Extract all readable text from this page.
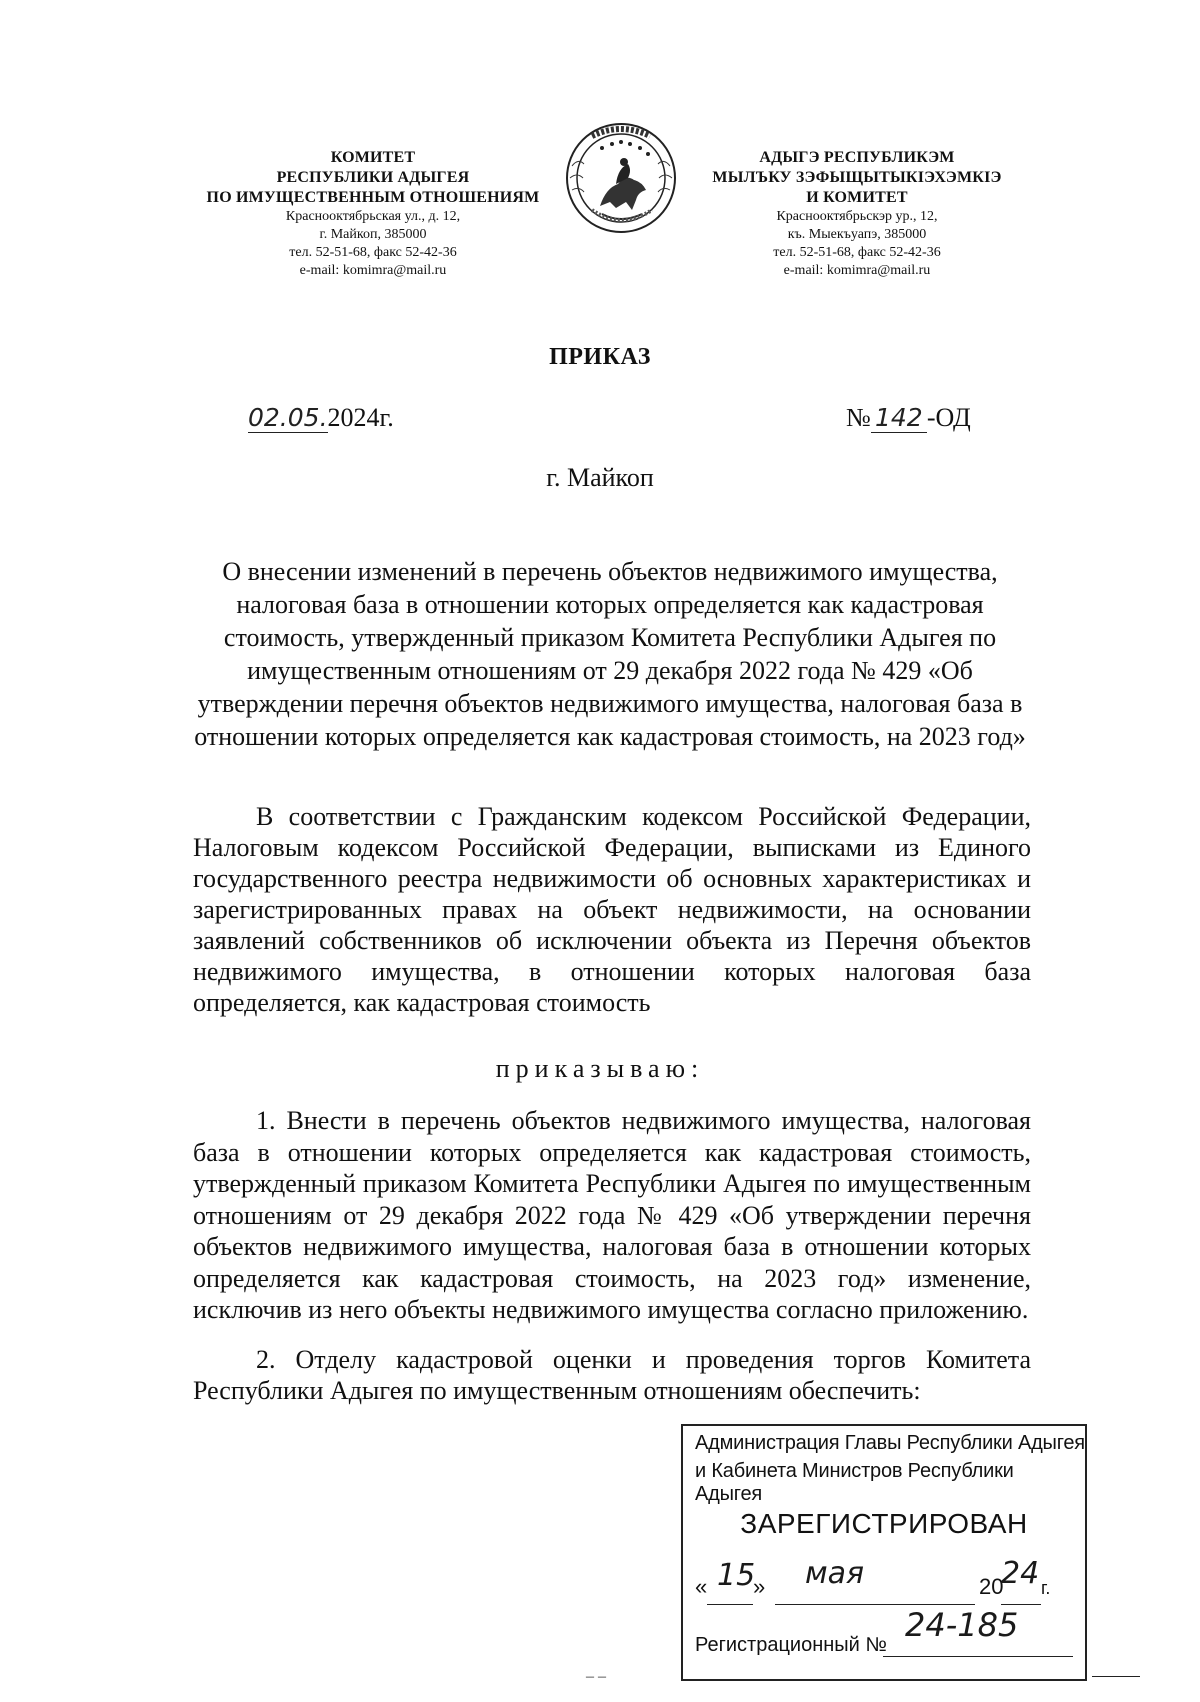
КОМИТЕТ
РЕСПУБЛИКИ АДЫГЕЯ
ПО ИМУЩЕСТВЕННЫМ ОТНОШЕНИЯМ
Краснооктябрьская ул., д. 12,
г. Майкоп, 385000
тел. 52-51-68, факс 52-42-36
e-mail: komimra@mail.ru
АДЫГЭ РЕСПУБЛИКЭМ
МЫЛЪКУ ЗЭФЫЩЫТЫКIЭХЭМКIЭ
И КОМИТЕТ
Краснооктябрьскэр ур., 12,
къ. Мыекъуапэ, 385000
тел. 52-51-68, факс 52-42-36
e-mail: komimra@mail.ru
ПРИКАЗ
02.05.2024г.	№ 142 -ОД
г. Майкоп
О внесении изменений в перечень объектов недвижимого имущества, налоговая база в отношении которых определяется как кадастровая стоимость, утвержденный приказом Комитета Республики Адыгея по имущественным отношениям от 29 декабря 2022 года № 429 «Об утверждении перечня объектов недвижимого имущества, налоговая база в отношении которых определяется как кадастровая стоимость, на 2023 год»
В соответствии с Гражданским кодексом Российской Федерации, Налоговым кодексом Российской Федерации, выписками из Единого государственного реестра недвижимости об основных характеристиках и зарегистрированных правах на объект недвижимости, на основании заявлений собственников об исключении объекта из Перечня объектов недвижимого имущества, в отношении которых налоговая база определяется, как кадастровая стоимость
приказываю:
1. Внести в перечень объектов недвижимого имущества, налоговая база в отношении которых определяется как кадастровая стоимость, утвержденный приказом Комитета Республики Адыгея по имущественным отношениям от 29 декабря 2022 года № 429 «Об утверждении перечня объектов недвижимого имущества, налоговая база в отношении которых определяется как кадастровая стоимость, на 2023 год» изменение, исключив из него объекты недвижимого имущества согласно приложению.
2. Отделу кадастровой оценки и проведения торгов Комитета Республики Адыгея по имущественным отношениям обеспечить:
Администрация Главы Республики Адыгея
и Кабинета Министров Республики Адыгея
ЗАРЕГИСТРИРОВАН
« 15
» мая	20
24 г.
Регистрационный №
24-185
– –
